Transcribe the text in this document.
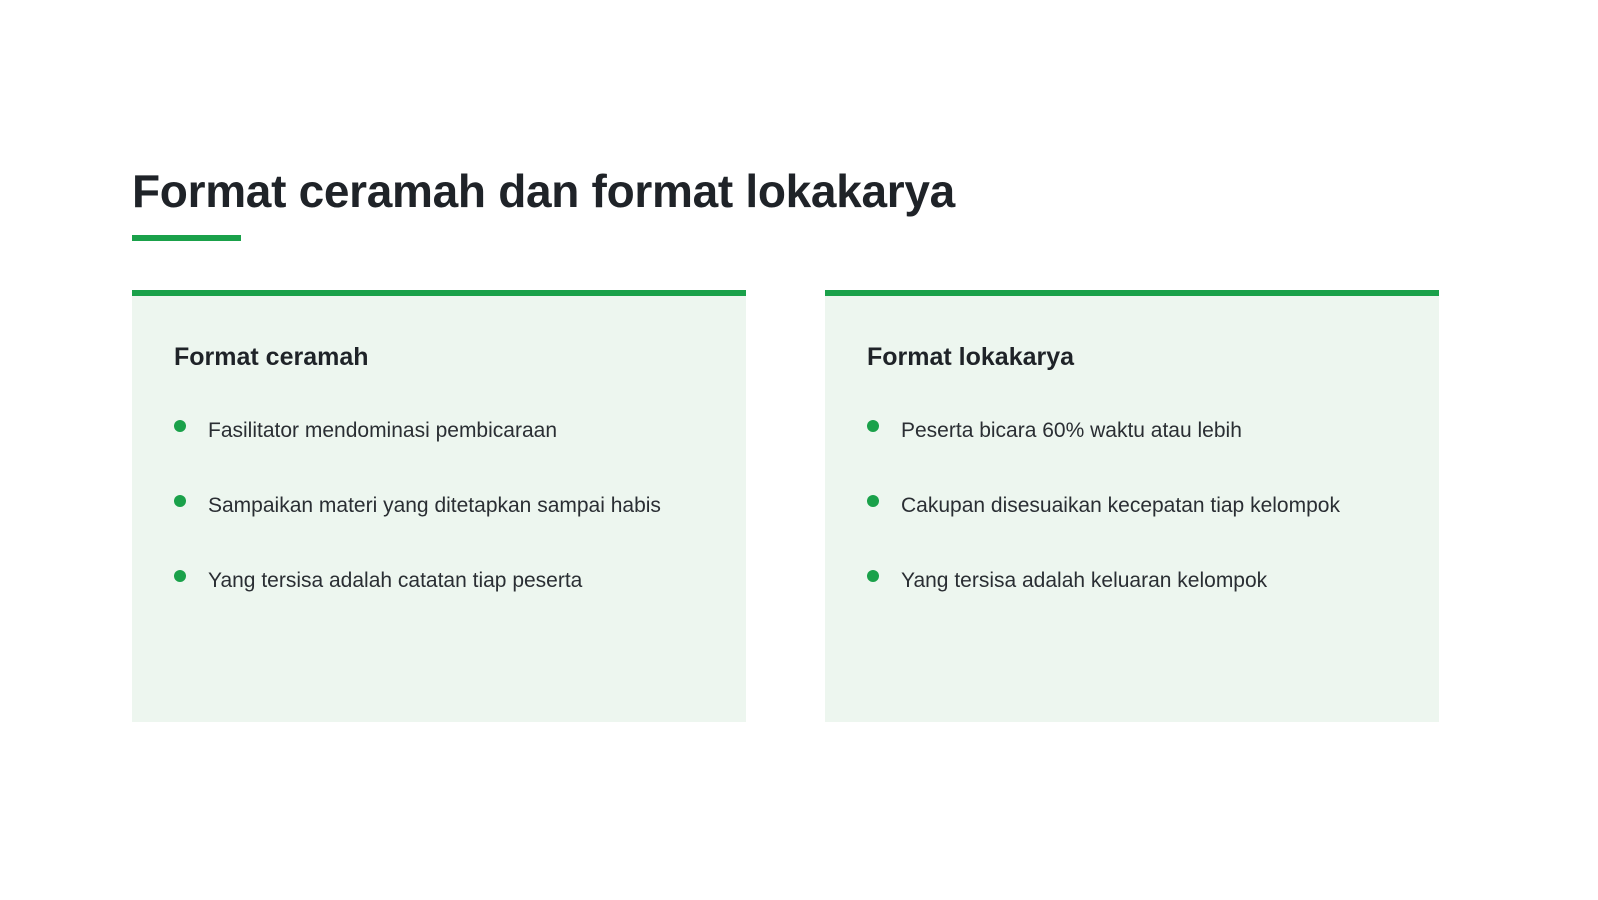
Format ceramah dan format lokakarya
Format ceramah
Fasilitator mendominasi pembicaraan
Sampaikan materi yang ditetapkan sampai habis
Yang tersisa adalah catatan tiap peserta
Format lokakarya
Peserta bicara 60% waktu atau lebih
Cakupan disesuaikan kecepatan tiap kelompok
Yang tersisa adalah keluaran kelompok
